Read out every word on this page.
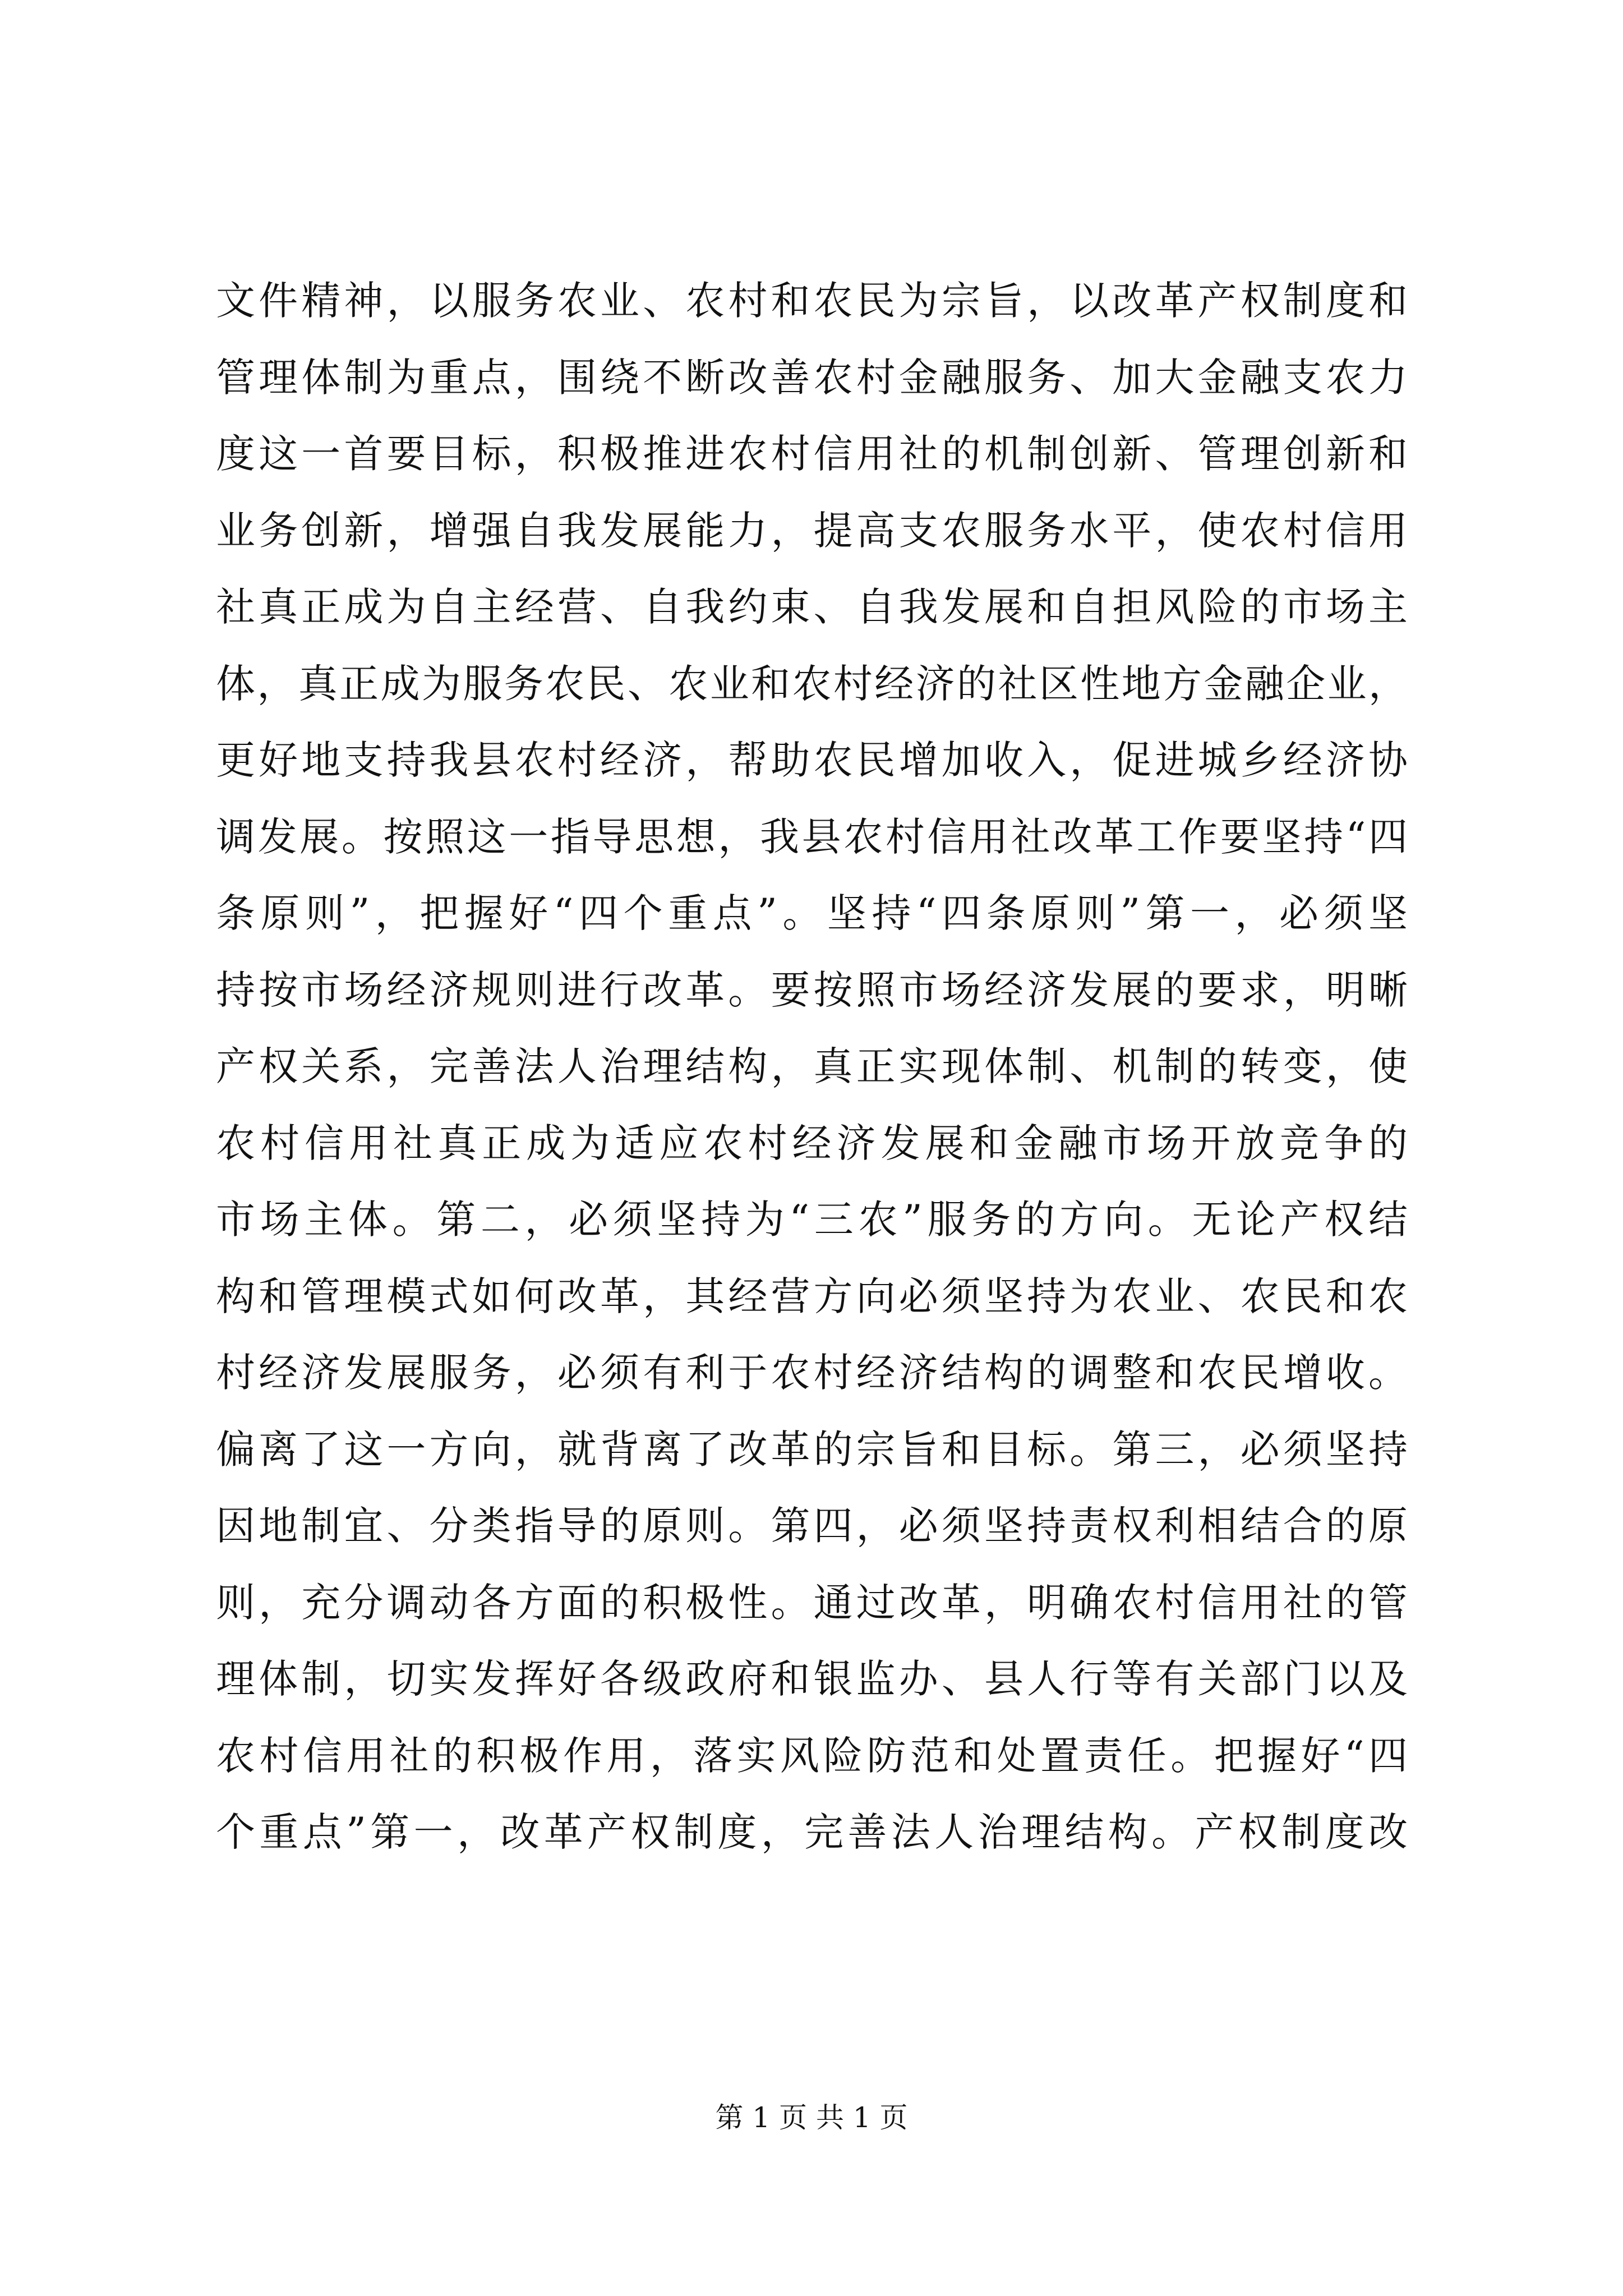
文件精神，以服务农业、农村和农民为宗旨，以改革产权制度和
管理体制为重点，围绕不断改善农村金融服务、加大金融支农力
度这一首要目标，积极推进农村信用社的机制创新、管理创新和
业务创新，增强自我发展能力，提高支农服务水平，使农村信用
社真正成为自主经营、自我约束、自我发展和自担风险的市场主
体，真正成为服务农民、农业和农村经济的社区性地方金融企业，
更好地支持我县农村经济，帮助农民增加收入，促进城乡经济协
调发展。按照这一指导思想，我县农村信用社改革工作要坚持“四
条原则”，把握好“四个重点”。坚持“四条原则”第一，必须坚
持按市场经济规则进行改革。要按照市场经济发展的要求，明晰
产权关系，完善法人治理结构，真正实现体制、机制的转变，使
农村信用社真正成为适应农村经济发展和金融市场开放竞争的
市场主体。第二，必须坚持为“三农”服务的方向。无论产权结
构和管理模式如何改革，其经营方向必须坚持为农业、农民和农
村经济发展服务，必须有利于农村经济结构的调整和农民增收。
偏离了这一方向，就背离了改革的宗旨和目标。第三，必须坚持
因地制宜、分类指导的原则。第四，必须坚持责权利相结合的原
则，充分调动各方面的积极性。通过改革，明确农村信用社的管
理体制，切实发挥好各级政府和银监办、县人行等有关部门以及
农村信用社的积极作用，落实风险防范和处置责任。把握好“四
个重点”第一，改革产权制度，完善法人治理结构。产权制度改
第 1 页 共 1 页
